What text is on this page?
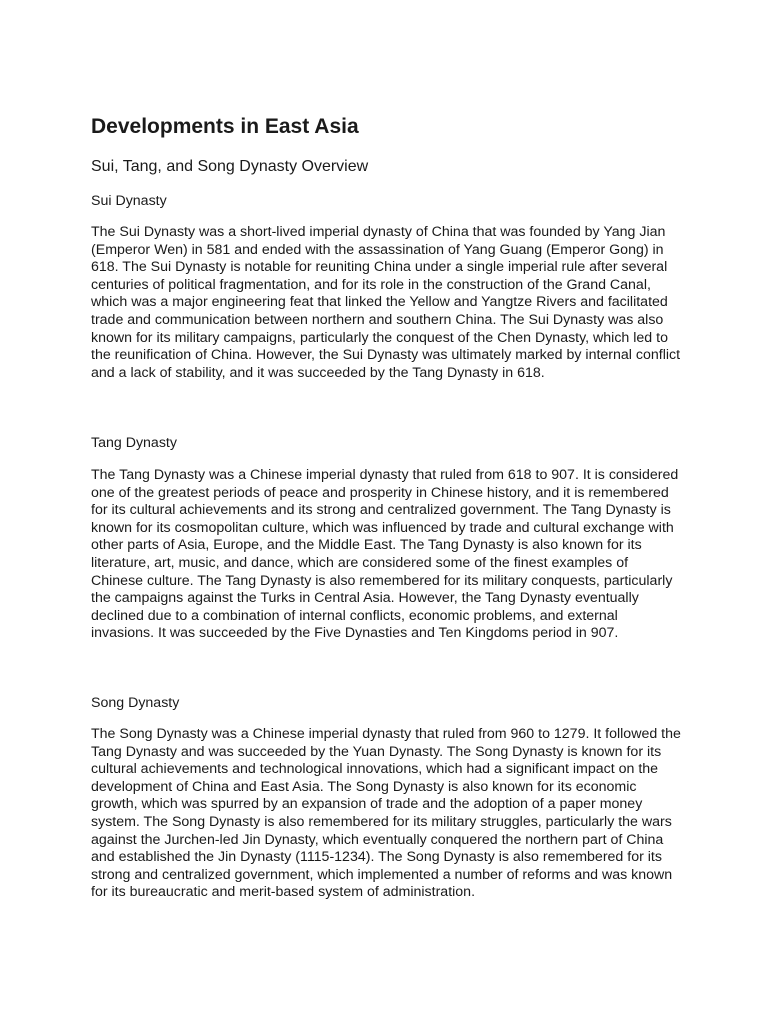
Developments in East Asia
Sui, Tang, and Song Dynasty Overview
Sui Dynasty

The Sui Dynasty was a short-lived imperial dynasty of China that was founded by Yang Jian (Emperor Wen) in 581 and ended with the assassination of Yang Guang (Emperor Gong) in 618. The Sui Dynasty is notable for reuniting China under a single imperial rule after several centuries of political fragmentation, and for its role in the construction of the Grand Canal, which was a major engineering feat that linked the Yellow and Yangtze Rivers and facilitated trade and communication between northern and southern China. The Sui Dynasty was also known for its military campaigns, particularly the conquest of the Chen Dynasty, which led to the reunification of China. However, the Sui Dynasty was ultimately marked by internal conflict and a lack of stability, and it was succeeded by the Tang Dynasty in 618.

Tang Dynasty

The Tang Dynasty was a Chinese imperial dynasty that ruled from 618 to 907. It is considered one of the greatest periods of peace and prosperity in Chinese history, and it is remembered for its cultural achievements and its strong and centralized government. The Tang Dynasty is known for its cosmopolitan culture, which was influenced by trade and cultural exchange with other parts of Asia, Europe, and the Middle East. The Tang Dynasty is also known for its literature, art, music, and dance, which are considered some of the finest examples of Chinese culture. The Tang Dynasty is also remembered for its military conquests, particularly the campaigns against the Turks in Central Asia. However, the Tang Dynasty eventually declined due to a combination of internal conflicts, economic problems, and external invasions. It was succeeded by the Five Dynasties and Ten Kingdoms period in 907.

Song Dynasty

The Song Dynasty was a Chinese imperial dynasty that ruled from 960 to 1279. It followed the Tang Dynasty and was succeeded by the Yuan Dynasty. The Song Dynasty is known for its cultural achievements and technological innovations, which had a significant impact on the development of China and East Asia. The Song Dynasty is also known for its economic growth, which was spurred by an expansion of trade and the adoption of a paper money system. The Song Dynasty is also remembered for its military struggles, particularly the wars against the Jurchen-led Jin Dynasty, which eventually conquered the northern part of China and established the Jin Dynasty (1115-1234). The Song Dynasty is also remembered for its strong and centralized government, which implemented a number of reforms and was known for its bureaucratic and merit-based system of administration.
